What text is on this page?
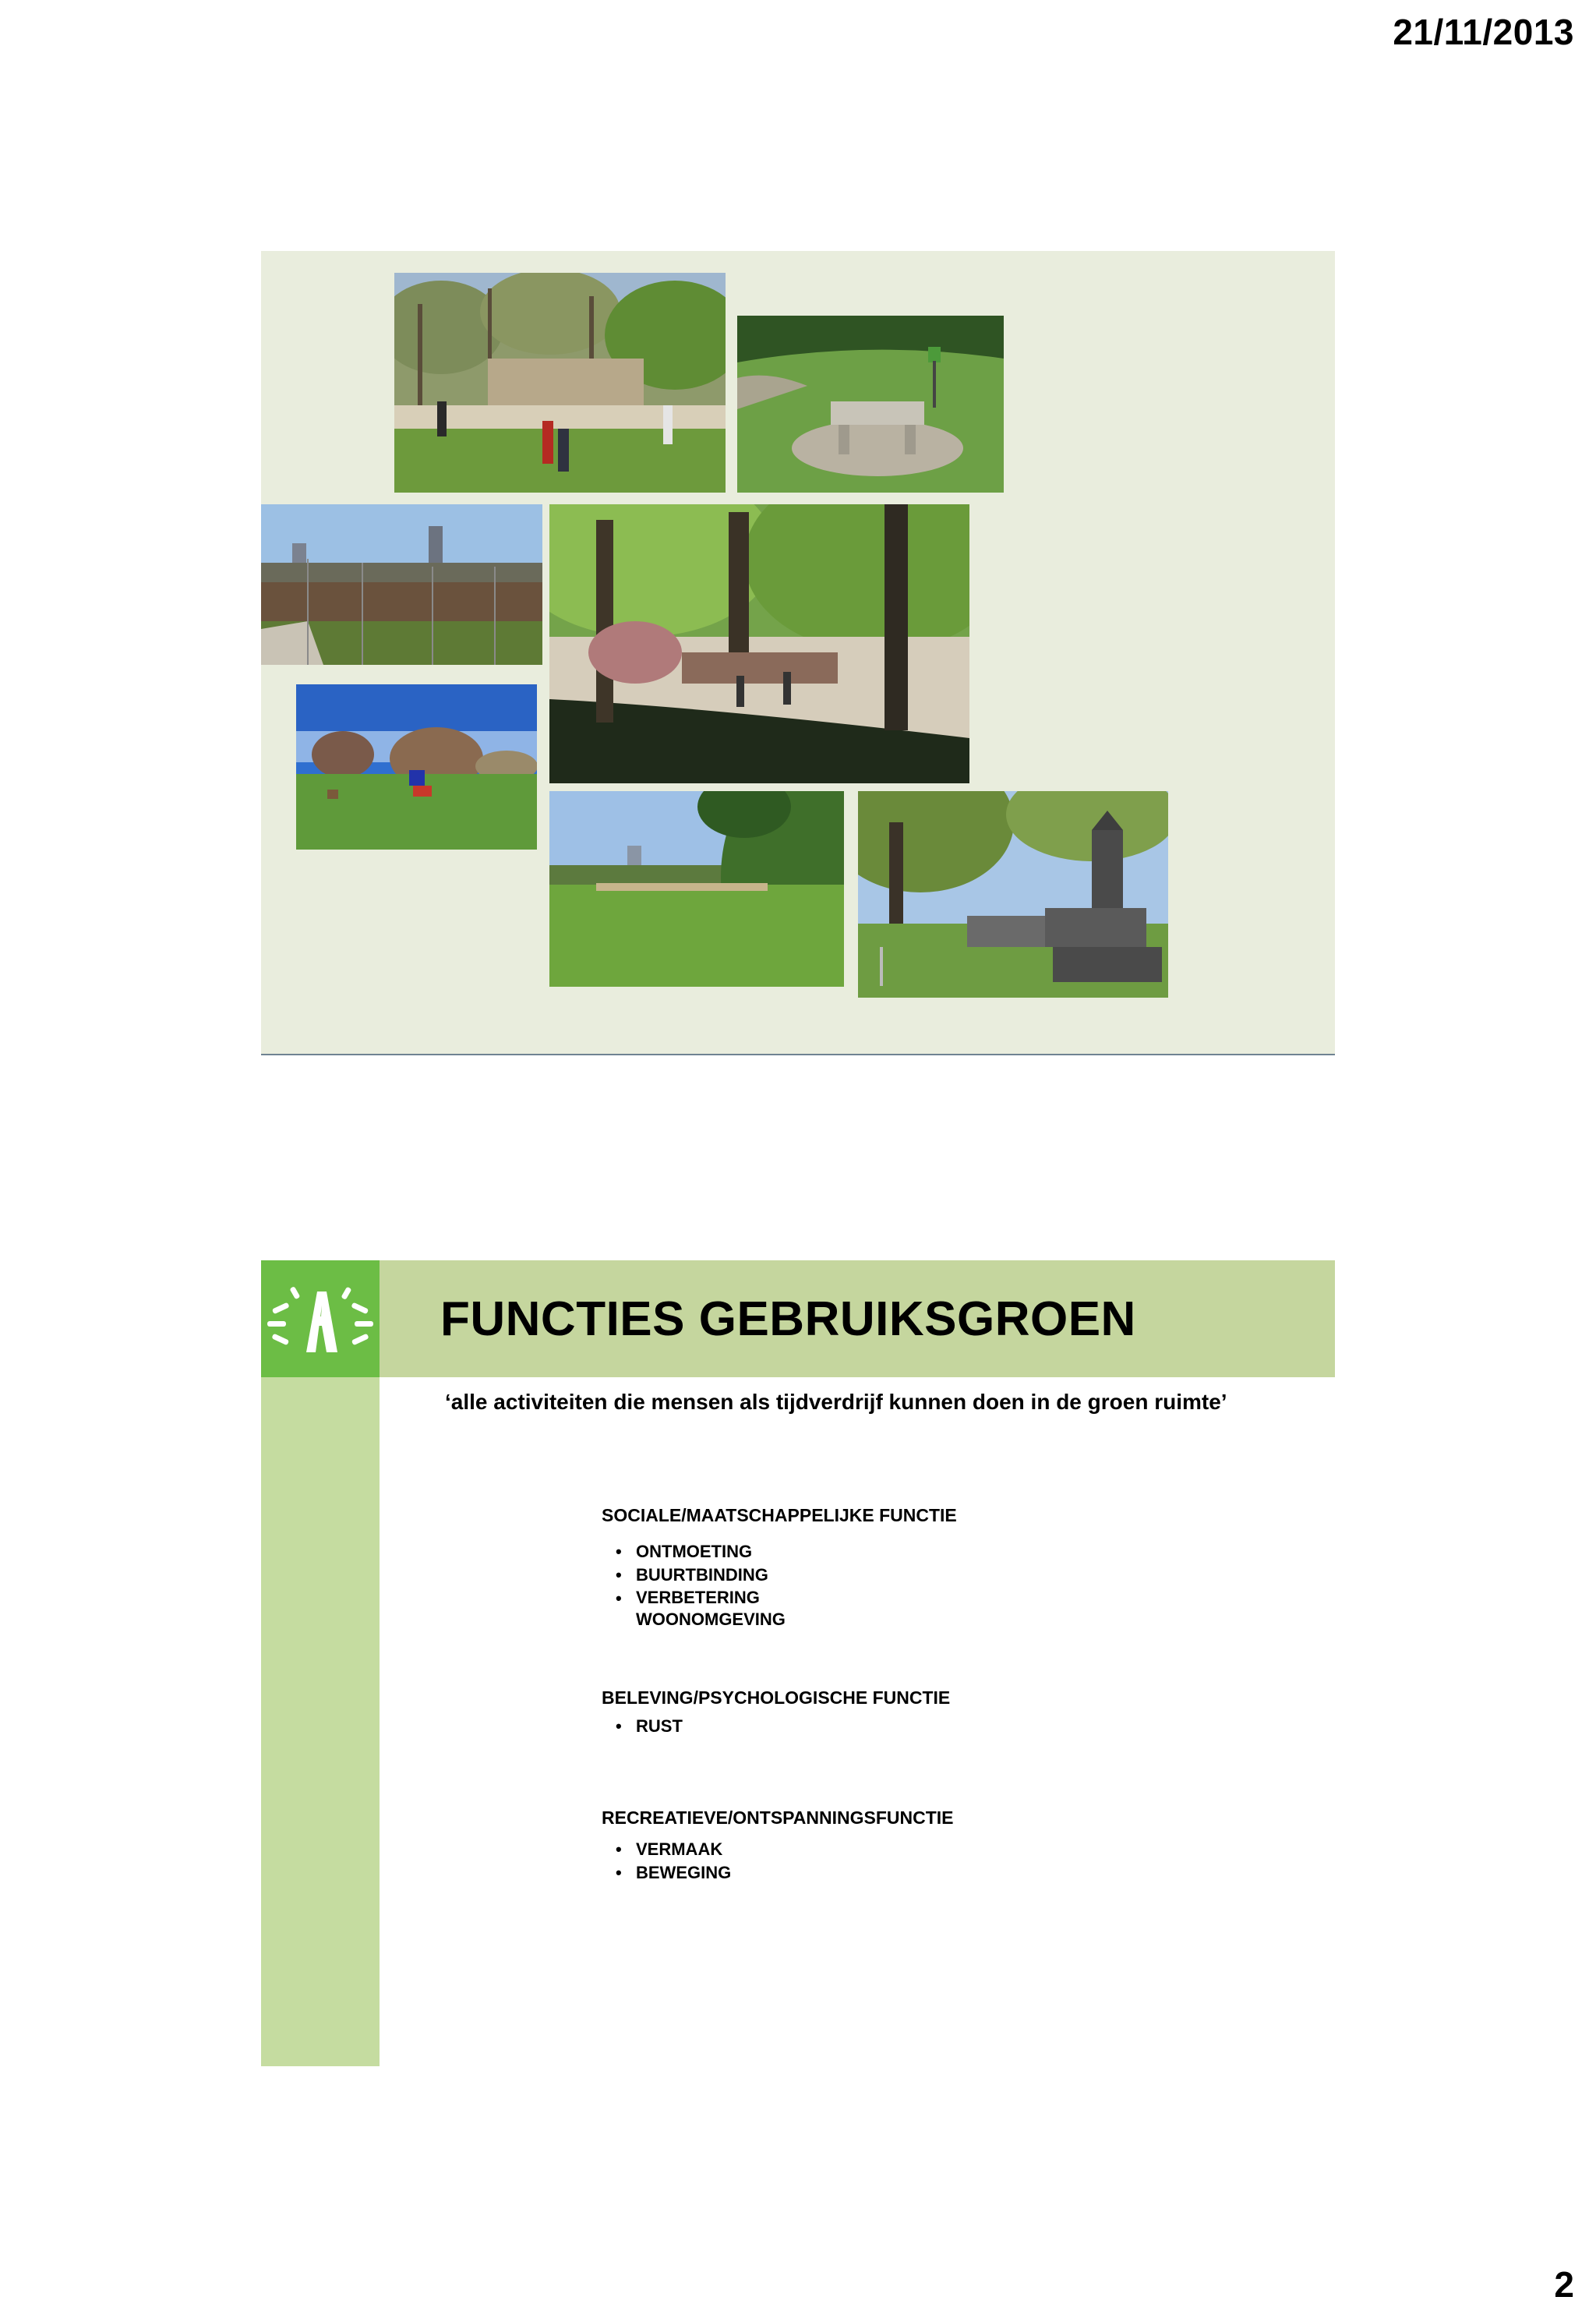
21/11/2013
FUNCTIES GEBRUIKSGROEN
‘alle activiteiten die mensen als tijdverdrijf kunnen doen in de groen ruimte’
SOCIALE/MAATSCHAPPELIJKE FUNCTIE
• ONTMOETING
• BUURTBINDING
• VERBETERING WOONOMGEVING
BELEVING/PSYCHOLOGISCHE FUNCTIE
• RUST
RECREATIEVE/ONTSPANNINGSFUNCTIE
• VERMAAK
• BEWEGING
2
